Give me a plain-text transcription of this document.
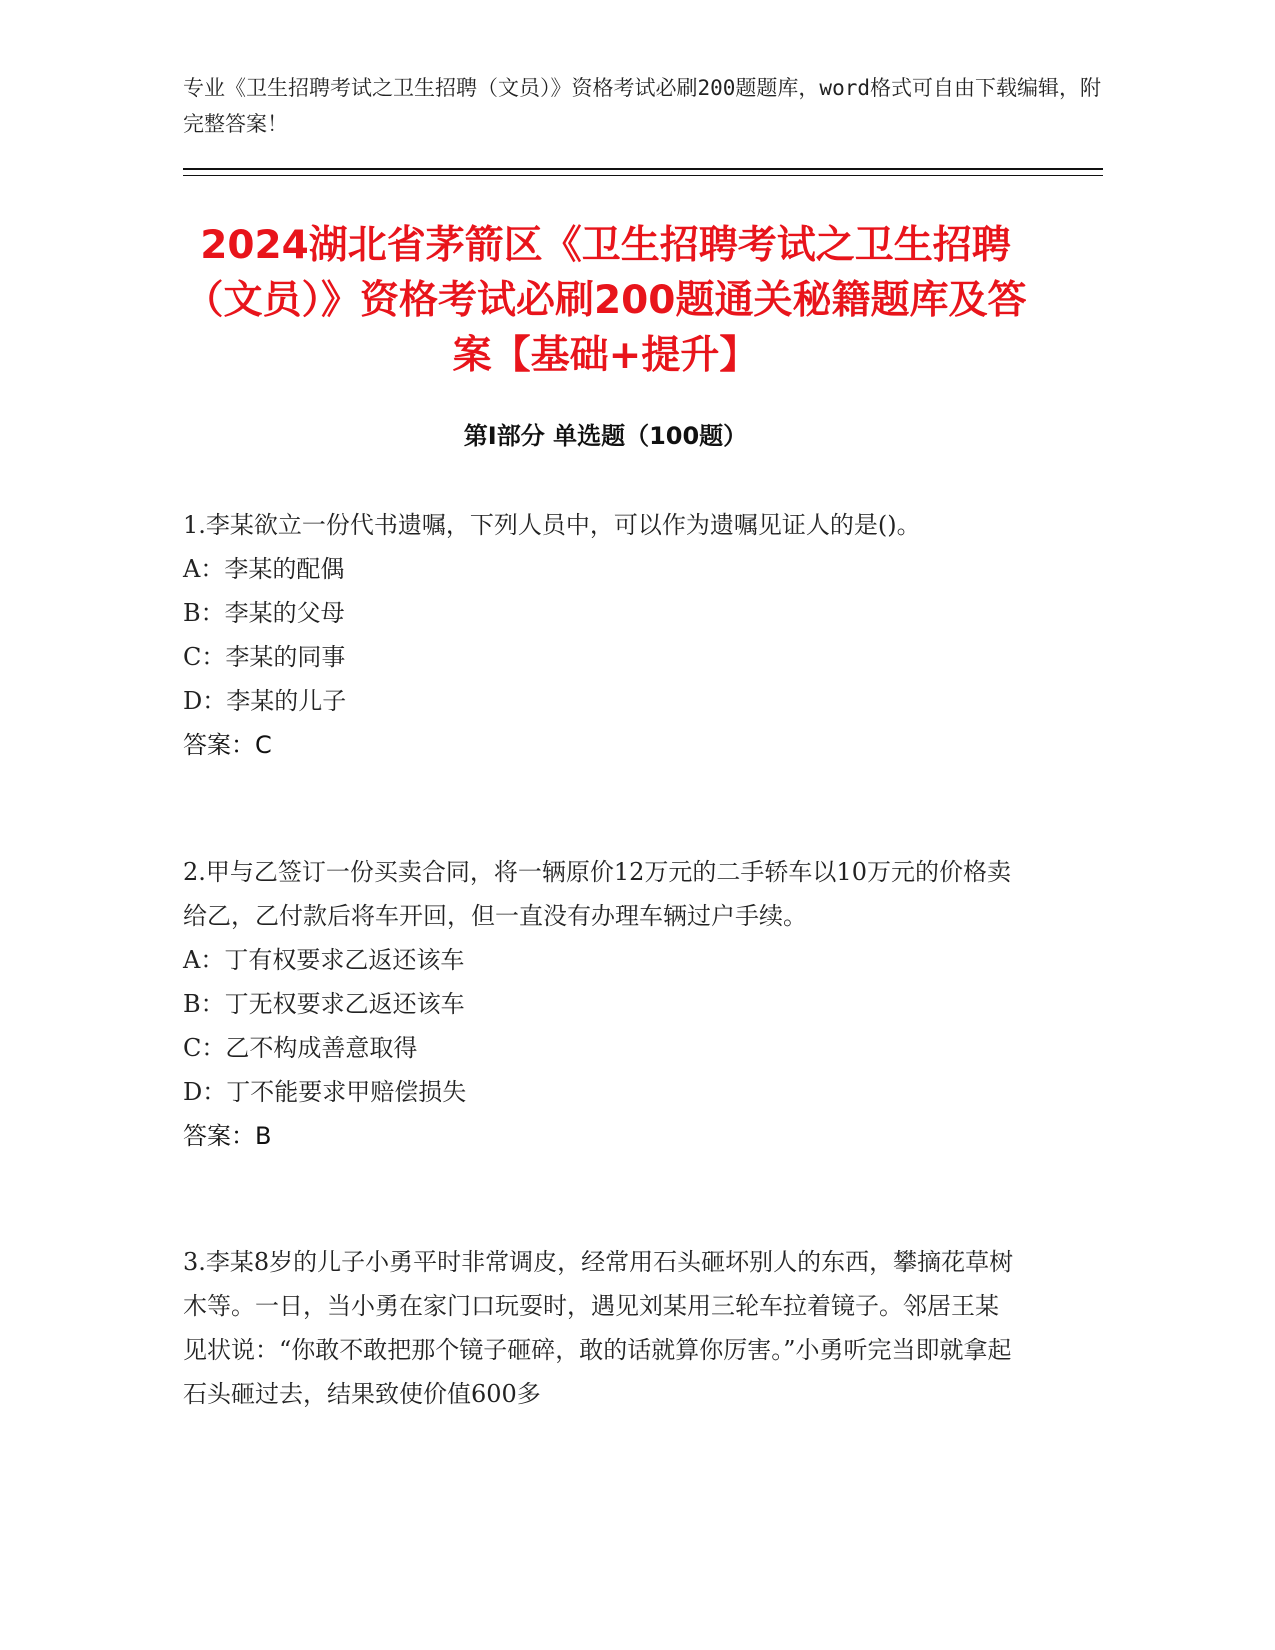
专业《卫生招聘考试之卫生招聘（文员）》资格考试必刷200题题库，word格式可自由下载编辑，附完整答案！
2024湖北省茅箭区《卫生招聘考试之卫生招聘（文员）》资格考试必刷200题通关秘籍题库及答案【基础+提升】
第Ⅰ部分 单选题（100题）

1.李某欲立一份代书遗嘱，下列人员中，可以作为遗嘱见证人的是()。

A：李某的配偶

B：李某的父母

C：李某的同事

D：李某的儿子

答案：C

2.甲与乙签订一份买卖合同，将一辆原价12万元的二手轿车以10万元的价格卖给乙，乙付款后将车开回，但一直没有办理车辆过户手续。

A：丁有权要求乙返还该车

B：丁无权要求乙返还该车

C：乙不构成善意取得

D：丁不能要求甲赔偿损失

答案：B

3.李某8岁的儿子小勇平时非常调皮，经常用石头砸坏别人的东西，攀摘花草树木等。一日，当小勇在家门口玩耍时，遇见刘某用三轮车拉着镜子。邻居王某见状说：“你敢不敢把那个镜子砸碎，敢的话就算你厉害。”小勇听完当即就拿起石头砸过去，结果致使价值600多
